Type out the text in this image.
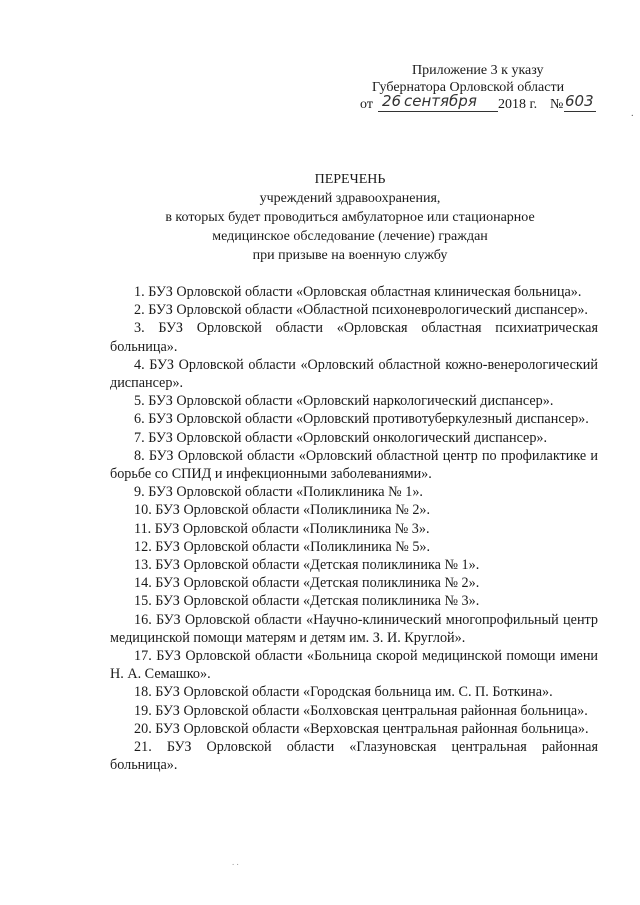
Приложение 3 к указу
Губернатора Орловской области
от 26 сентября 2018 г. № 603
·
ПЕРЕЧЕНЬ
учреждений здравоохранения,
в которых будет проводиться амбулаторное или стационарное
медицинское обследование (лечение) граждан
при призыве на военную службу

1. БУЗ Орловской области «Орловская областная клиническая больница».

2. БУЗ Орловской области «Областной психоневрологический диспансер».

3. БУЗ Орловской области «Орловская областная психиатрическая больница».

4. БУЗ Орловской области «Орловский областной кожно-венерологический диспансер».

5. БУЗ Орловской области «Орловский наркологический диспансер».

6. БУЗ Орловской области «Орловский противотуберкулезный диспансер».

7. БУЗ Орловской области «Орловский онкологический диспансер».

8. БУЗ Орловской области «Орловский областной центр по профилактике и борьбе со СПИД и инфекционными заболеваниями».

9. БУЗ Орловской области «Поликлиника № 1».

10. БУЗ Орловской области «Поликлиника № 2».

11. БУЗ Орловской области «Поликлиника № 3».

12. БУЗ Орловской области «Поликлиника № 5».

13. БУЗ Орловской области «Детская поликлиника № 1».

14. БУЗ Орловской области «Детская поликлиника № 2».

15. БУЗ Орловской области «Детская поликлиника № 3».

16. БУЗ Орловской области «Научно-клинический многопрофильный центр медицинской помощи матерям и детям им. З. И. Круглой».

17. БУЗ Орловской области «Больница скорой медицинской помощи имени Н. А. Семашко».

18. БУЗ Орловской области «Городская больница им. С. П. Боткина».

19. БУЗ Орловской области «Болховская центральная районная больница».

20. БУЗ Орловской области «Верховская центральная районная больница».

21. БУЗ Орловской области «Глазуновская центральная районная больница».

. .
